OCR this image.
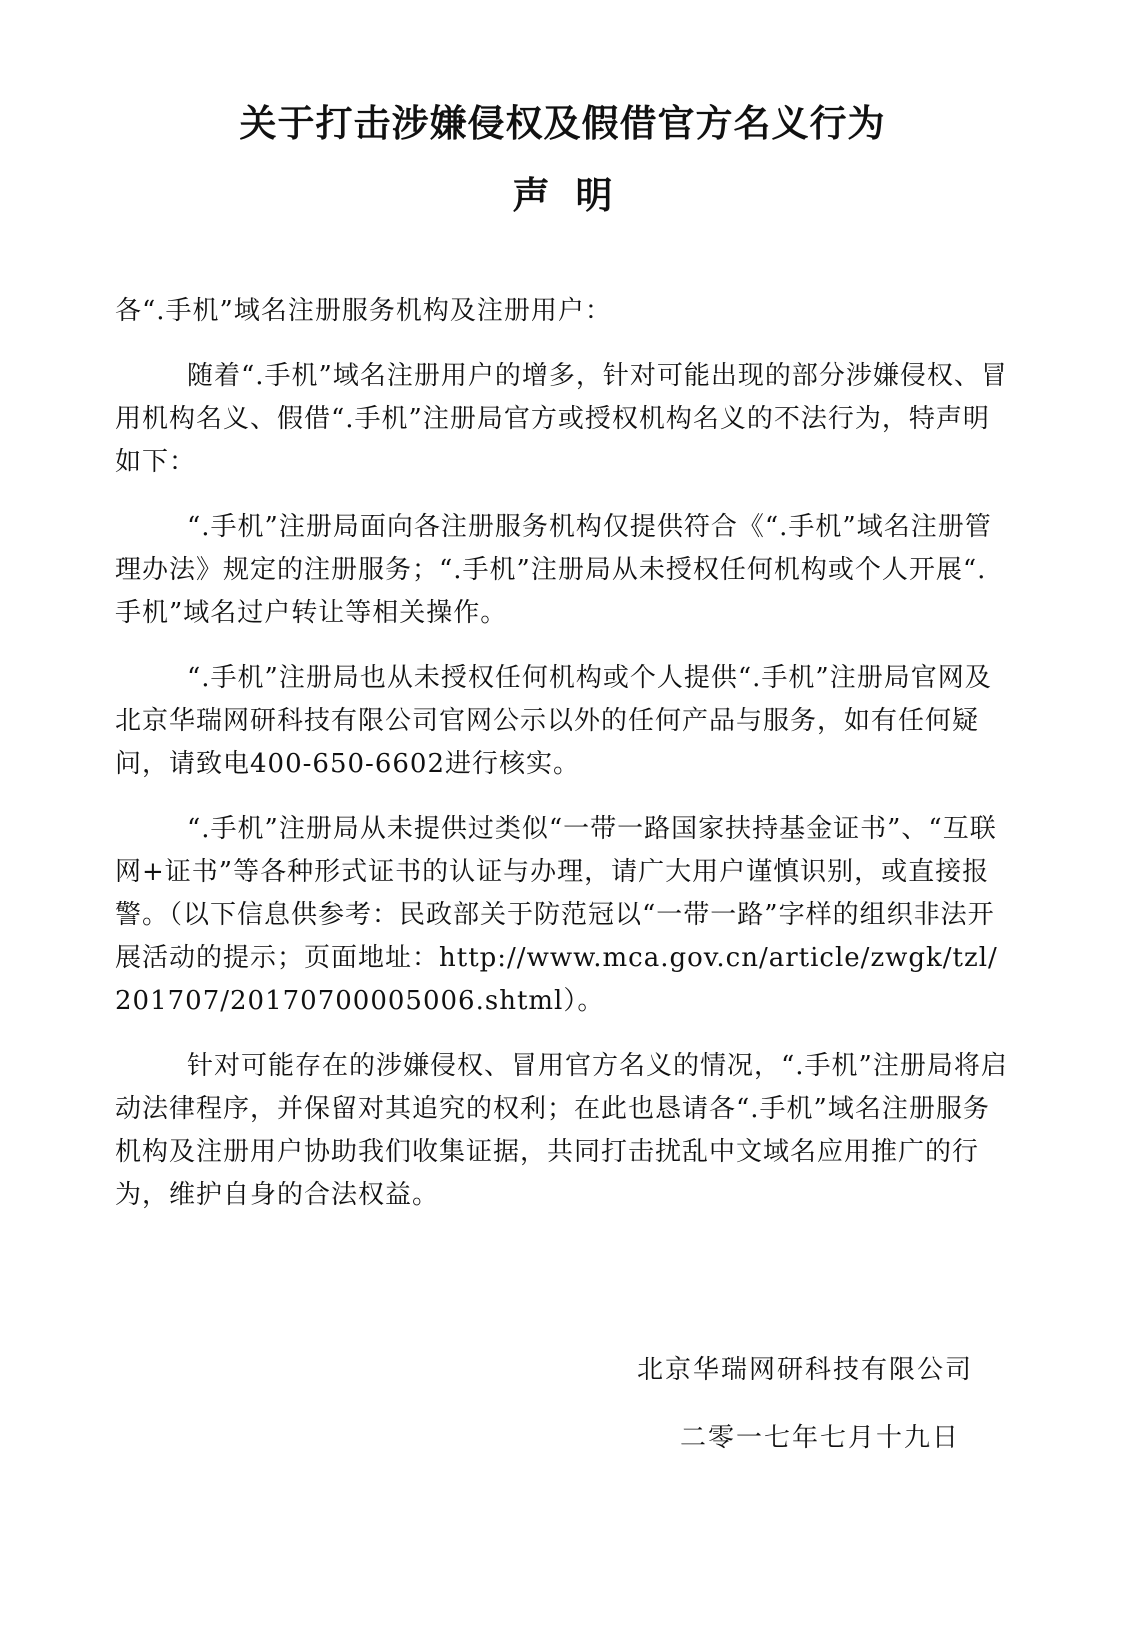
关于打击涉嫌侵权及假借官方名义行为
声明

各“.手机”域名注册服务机构及注册用户：

随着“.手机”域名注册用户的增多，针对可能出现的部分涉嫌侵权、冒用机构名义、假借“.手机”注册局官方或授权机构名义的不法行为，特声明如下：

“.手机”注册局面向各注册服务机构仅提供符合《“.手机”域名注册管理办法》规定的注册服务；“.手机”注册局从未授权任何机构或个人开展“.手机”域名过户转让等相关操作。

“.手机”注册局也从未授权任何机构或个人提供“.手机”注册局官网及北京华瑞网研科技有限公司官网公示以外的任何产品与服务，如有任何疑问，请致电400-650-6602进行核实。

“.手机”注册局从未提供过类似“一带一路国家扶持基金证书”、“互联网+证书”等各种形式证书的认证与办理，请广大用户谨慎识别，或直接报警。（以下信息供参考：民政部关于防范冠以“一带一路”字样的组织非法开展活动的提示；页面地址：http://www.mca.gov.cn/article/zwgk/tzl/201707/20170700005006.shtml）。

针对可能存在的涉嫌侵权、冒用官方名义的情况，“.手机”注册局将启动法律程序，并保留对其追究的权利；在此也恳请各“.手机”域名注册服务机构及注册用户协助我们收集证据，共同打击扰乱中文域名应用推广的行为，维护自身的合法权益。

北京华瑞网研科技有限公司
二零一七年七月十九日
